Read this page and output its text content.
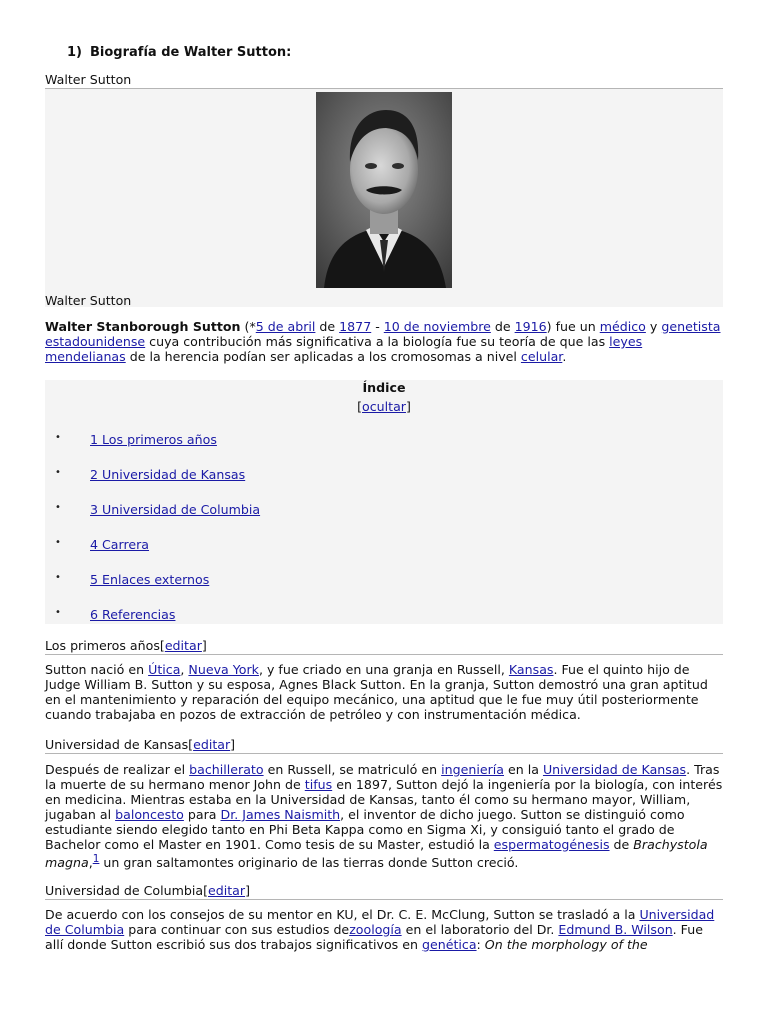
1) Biografía de Walter Sutton:
Walter Sutton
Walter Sutton
Walter Stanborough Sutton (*5 de abril de 1877 - 10 de noviembre de 1916) fue un médico y genetista estadounidense cuya contribución más significativa a la biología fue su teoría de que las leyes mendelianas de la herencia podían ser aplicadas a los cromosomas a nivel celular.
Índice
[ocultar]
• 1 Los primeros años
• 2 Universidad de Kansas
• 3 Universidad de Columbia
• 4 Carrera
• 5 Enlaces externos
• 6 Referencias
Los primeros años[editar]
Sutton nació en Útica, Nueva York, y fue criado en una granja en Russell, Kansas. Fue el quinto hijo de Judge William B. Sutton y su esposa, Agnes Black Sutton. En la granja, Sutton demostró una gran aptitud en el mantenimiento y reparación del equipo mecánico, una aptitud que le fue muy útil posteriormente cuando trabajaba en pozos de extracción de petróleo y con instrumentación médica.
Universidad de Kansas[editar]
Después de realizar el bachillerato en Russell, se matriculó en ingeniería en la Universidad de Kansas. Tras la muerte de su hermano menor John de tifus en 1897, Sutton dejó la ingeniería por la biología, con interés en medicina. Mientras estaba en la Universidad de Kansas, tanto él como su hermano mayor, William, jugaban al baloncesto para Dr. James Naismith, el inventor de dicho juego. Sutton se distinguió como estudiante siendo elegido tanto en Phi Beta Kappa como en Sigma Xi, y consiguió tanto el grado de Bachelor como el Master en 1901. Como tesis de su Master, estudió la espermatogénesis de Brachystola magna,$^1$ un gran saltamontes originario de las tierras donde Sutton creció.
Universidad de Columbia[editar]
De acuerdo con los consejos de su mentor en KU, el Dr. C. E. McClung, Sutton se trasladó a la Universidad de Columbia para continuar con sus estudios dezoología en el laboratorio del Dr. Edmund B. Wilson. Fue allí donde Sutton escribió sus dos trabajos significativos en genética: On the morphology of the
